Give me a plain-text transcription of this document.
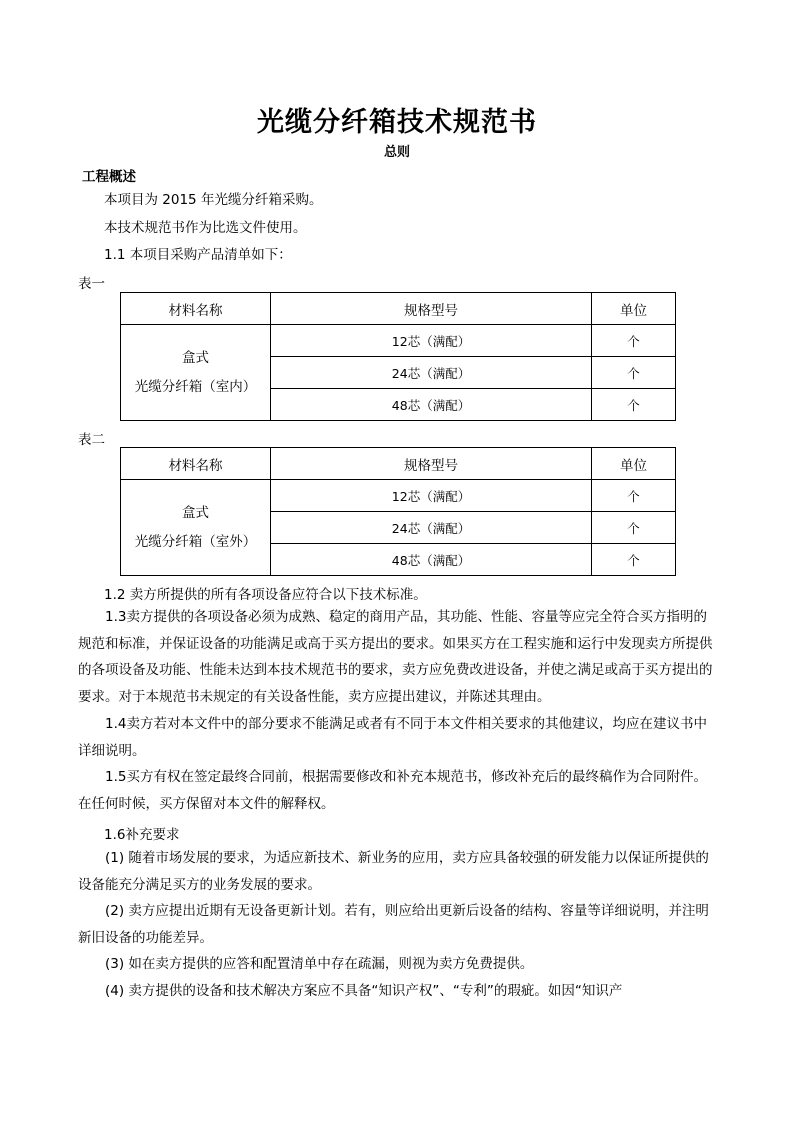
光缆分纤箱技术规范书
总则
工程概述
本项目为 2015 年光缆分纤箱采购。
本技术规范书作为比选文件使用。
1.1 本项目采购产品清单如下：
表一
材料名称	规格型号	单位

盒式
光缆分纤箱（室内）	12芯（满配）	个
	24芯（满配）	个
	48芯（满配）	个
表二
材料名称	规格型号	单位

盒式
光缆分纤箱（室外）	12芯（满配）	个
	24芯（满配）	个
	48芯（满配）	个
1.2 卖方所提供的所有各项设备应符合以下技术标准。
1.3卖方提供的各项设备必须为成熟、稳定的商用产品，其功能、性能、容量等应完全符合买方指明的规范和标准，并保证设备的功能满足或高于买方提出的要求。如果买方在工程实施和运行中发现卖方所提供的各项设备及功能、性能未达到本技术规范书的要求，卖方应免费改进设备，并使之满足或高于买方提出的要求。对于本规范书未规定的有关设备性能，卖方应提出建议，并陈述其理由。
1.4卖方若对本文件中的部分要求不能满足或者有不同于本文件相关要求的其他建议，均应在建议书中详细说明。
1.5买方有权在签定最终合同前，根据需要修改和补充本规范书，修改补充后的最终稿作为合同附件。在任何时候，买方保留对本文件的解释权。
1.6补充要求
(1) 随着市场发展的要求，为适应新技术、新业务的应用，卖方应具备较强的研发能力以保证所提供的设备能充分满足买方的业务发展的要求。
(2) 卖方应提出近期有无设备更新计划。若有，则应给出更新后设备的结构、容量等详细说明，并注明新旧设备的功能差异。
(3) 如在卖方提供的应答和配置清单中存在疏漏，则视为卖方免费提供。
(4) 卖方提供的设备和技术解决方案应不具备“知识产权”、“专利”的瑕疵。如因“知识产
